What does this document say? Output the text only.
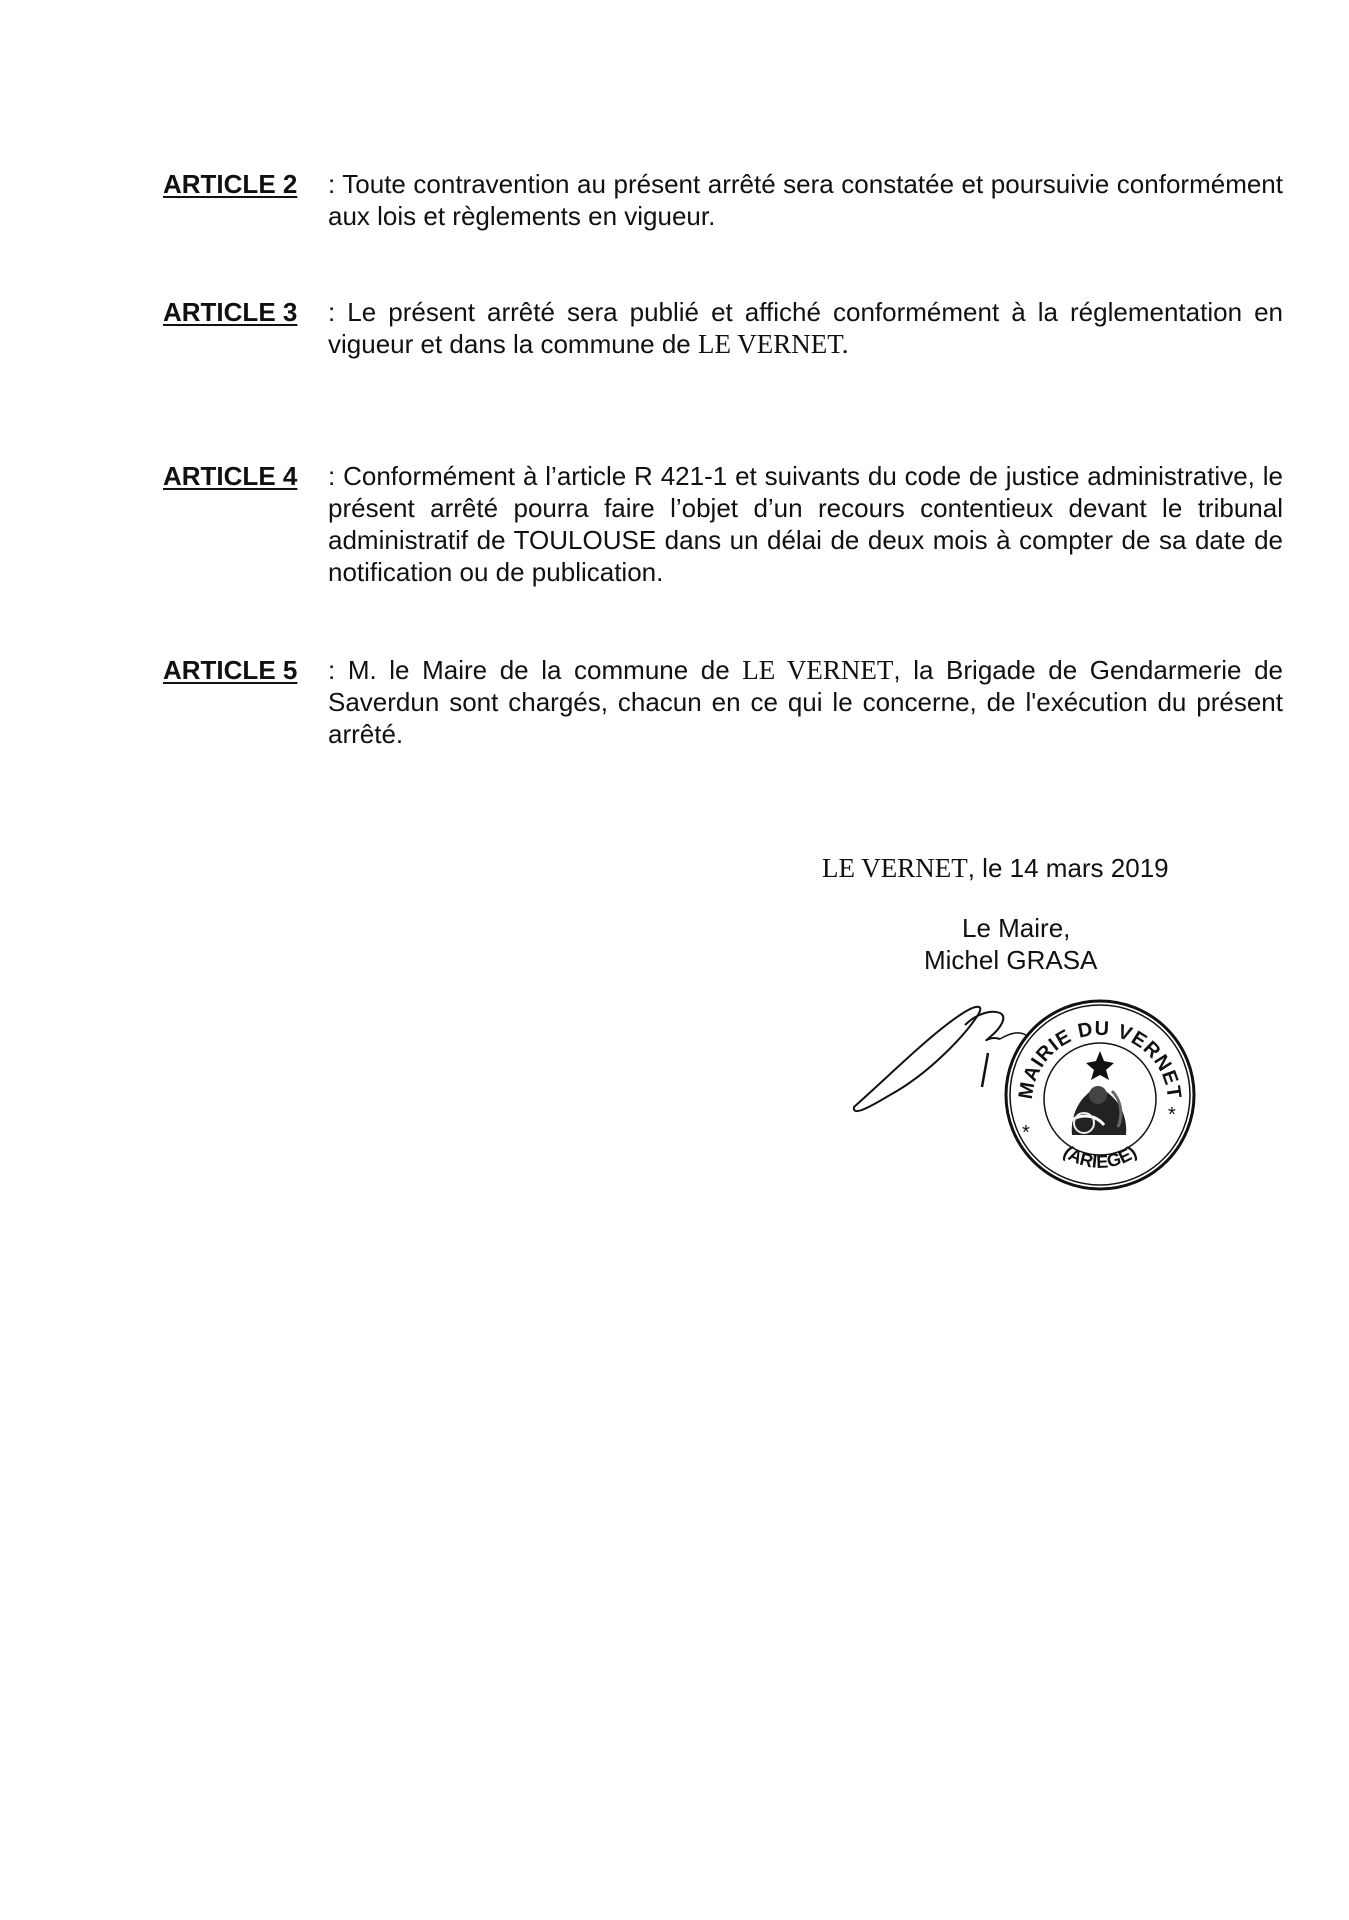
ARTICLE 2 : Toute contravention au présent arrêté sera constatée et poursuivie conformément aux lois et règlements en vigueur.
ARTICLE 3 : Le présent arrêté sera publié et affiché conformément à la réglementation en vigueur et dans la commune de LE VERNET.
ARTICLE 4 : Conformément à l’article R 421-1 et suivants du code de justice administrative, le présent arrêté pourra faire l’objet d’un recours contentieux devant le tribunal administratif de TOULOUSE dans un délai de deux mois à compter de sa date de notification ou de publication.
ARTICLE 5 : M. le Maire de la commune de LE VERNET, la Brigade de Gendarmerie de Saverdun sont chargés, chacun en ce qui le concerne, de l'exécution du présent arrêté.
LE VERNET, le 14 mars 2019
Le Maire,
Michel GRASA
MAIRIE DU VERNET
(ARIEGE)
*
*
